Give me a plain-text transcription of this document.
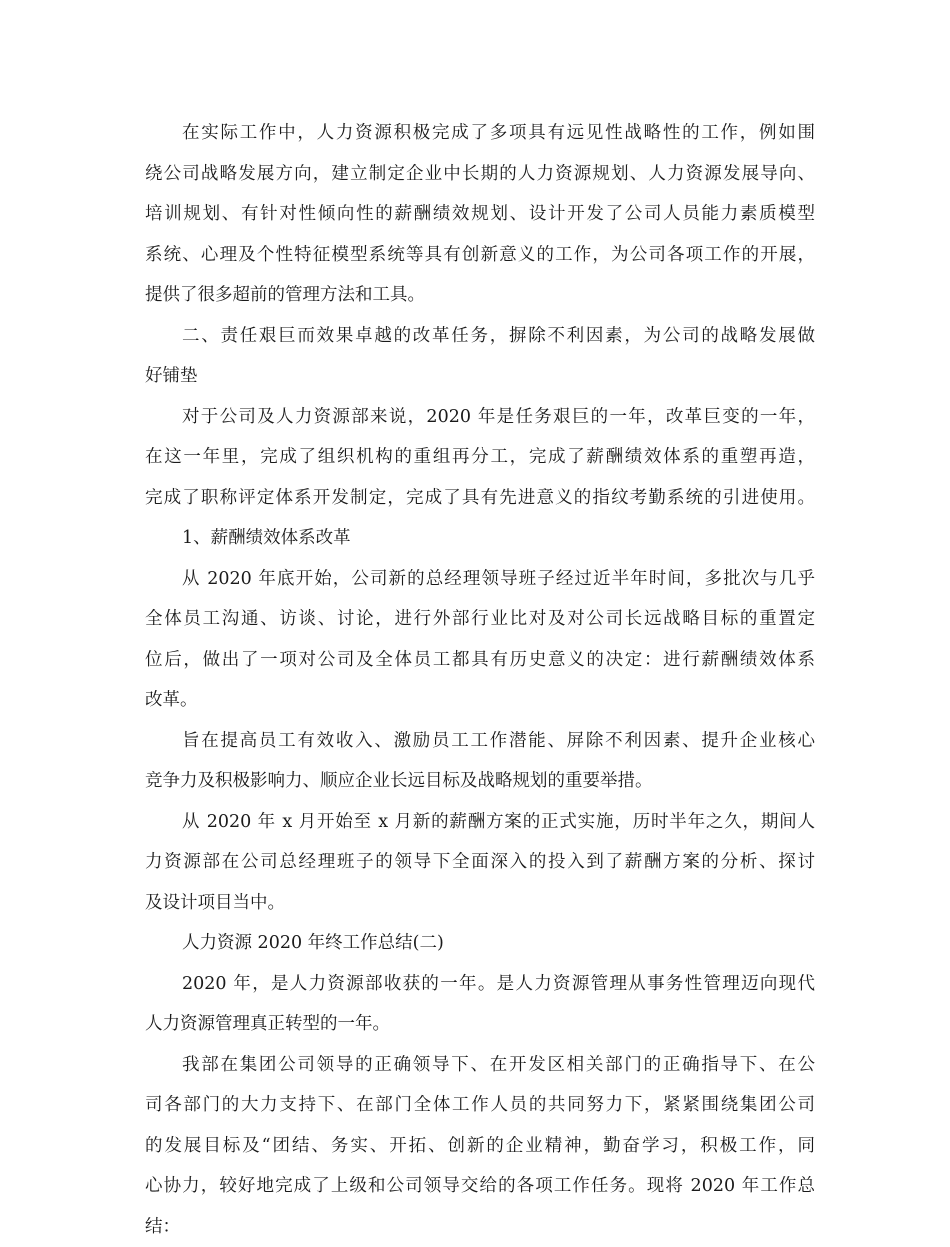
在实际工作中，人力资源积极完成了多项具有远见性战略性的工作，例如围
绕公司战略发展方向，建立制定企业中长期的人力资源规划、人力资源发展导向、
培训规划、有针对性倾向性的薪酬绩效规划、设计开发了公司人员能力素质模型
系统、心理及个性特征模型系统等具有创新意义的工作，为公司各项工作的开展，
提供了很多超前的管理方法和工具。
二、责任艰巨而效果卓越的改革任务，摒除不利因素，为公司的战略发展做
好铺垫
对于公司及人力资源部来说，2020 年是任务艰巨的一年，改革巨变的一年，
在这一年里，完成了组织机构的重组再分工，完成了薪酬绩效体系的重塑再造，
完成了职称评定体系开发制定，完成了具有先进意义的指纹考勤系统的引进使用。
1、薪酬绩效体系改革
从 2020 年底开始，公司新的总经理领导班子经过近半年时间，多批次与几乎
全体员工沟通、访谈、讨论，进行外部行业比对及对公司长远战略目标的重置定
位后，做出了一项对公司及全体员工都具有历史意义的决定：进行薪酬绩效体系
改革。
旨在提高员工有效收入、激励员工工作潜能、屏除不利因素、提升企业核心
竞争力及积极影响力、顺应企业长远目标及战略规划的重要举措。
从 2020 年 x 月开始至 x 月新的薪酬方案的正式实施，历时半年之久，期间人
力资源部在公司总经理班子的领导下全面深入的投入到了薪酬方案的分析、探讨
及设计项目当中。
人力资源 2020 年终工作总结(二)
2020 年，是人力资源部收获的一年。是人力资源管理从事务性管理迈向现代
人力资源管理真正转型的一年。
我部在集团公司领导的正确领导下、在开发区相关部门的正确指导下、在公
司各部门的大力支持下、在部门全体工作人员的共同努力下，紧紧围绕集团公司
的发展目标及“团结、务实、开拓、创新的企业精神，勤奋学习，积极工作，同
心协力，较好地完成了上级和公司领导交给的各项工作任务。现将 2020 年工作总
结：
